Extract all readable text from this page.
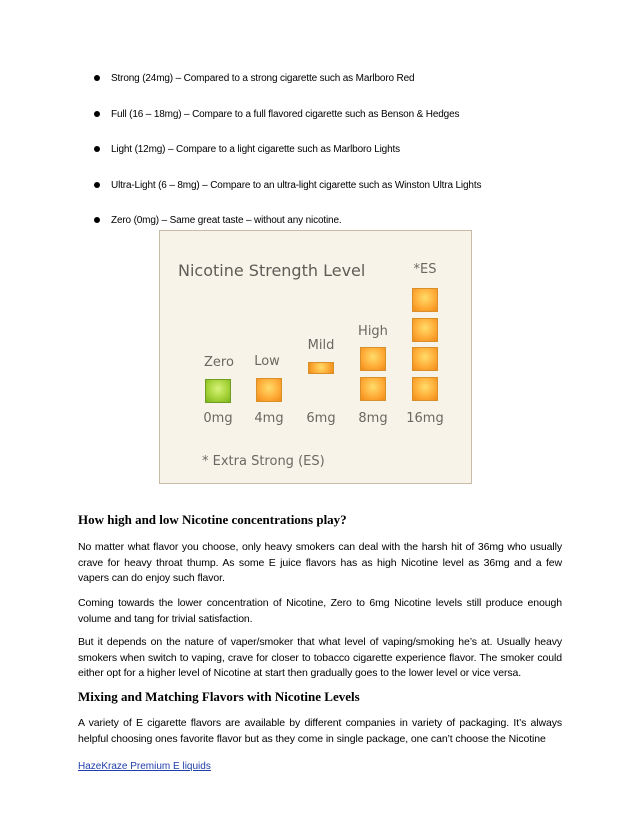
Strong (24mg) – Compared to a strong cigarette such as Marlboro Red
Full (16 – 18mg) – Compare to a full flavored cigarette such as Benson & Hedges
Light (12mg) – Compare to a light cigarette such as Marlboro Lights
Ultra-Light (6 – 8mg) – Compare to an ultra-light cigarette such as Winston Ultra Lights
Zero (0mg) – Same great taste – without any nicotine.
Nicotine Strength Level
Zero	Low
Mild
High
*ES
0mg	4mg	6mg	8mg	16mg
* Extra Strong (ES)
How high and low Nicotine concentrations play?

No matter what flavor you choose, only heavy smokers can deal with the harsh hit of 36mg who usually crave for heavy throat thump. As some E juice flavors has as high Nicotine level as 36mg and a few vapers can do enjoy such flavor.

Coming towards the lower concentration of Nicotine, Zero to 6mg Nicotine levels still produce enough volume and tang for trivial satisfaction.

But it depends on the nature of vaper/smoker that what level of vaping/smoking he’s at. Usually heavy smokers when switch to vaping, crave for closer to tobacco cigarette experience flavor. The smoker could either opt for a higher level of Nicotine at start then gradually goes to the lower level or vice versa.

Mixing and Matching Flavors with Nicotine Levels

A variety of E cigarette flavors are available by different companies in variety of packaging. It’s always helpful choosing ones favorite flavor but as they come in single package, one can’t choose the Nicotine

HazeKraze Premium E liquids
